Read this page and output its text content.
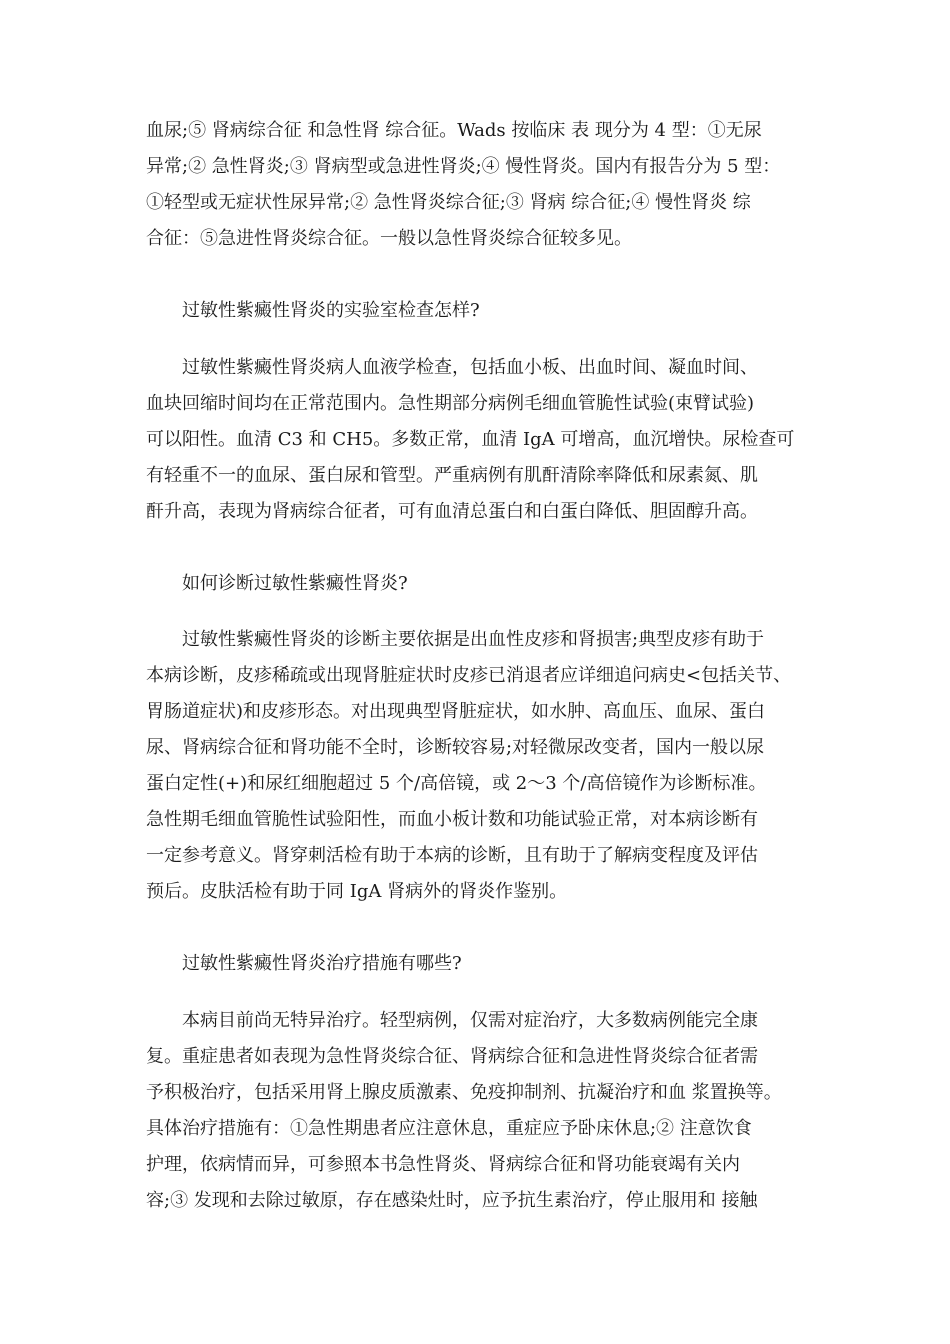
血尿;⑤ 肾病综合征 和急性肾 综合征。Wads 按临床 表 现分为 4 型：①无尿
异常;② 急性肾炎;③ 肾病型或急进性肾炎;④ 慢性肾炎。国内有报告分为 5 型：
①轻型或无症状性尿异常;② 急性肾炎综合征;③ 肾病 综合征;④ 慢性肾炎 综
合征：⑤急进性肾炎综合征。一般以急性肾炎综合征较多见。
过敏性紫癜性肾炎的实验室检查怎样?
过敏性紫癜性肾炎病人血液学检查，包括血小板、出血时间、凝血时间、
血块回缩时间均在正常范围内。急性期部分病例毛细血管脆性试验(束臂试验)
可以阳性。血清 C3 和 CH5。多数正常，血清 IgA 可增高，血沉增快。尿检查可
有轻重不一的血尿、蛋白尿和管型。严重病例有肌酐清除率降低和尿素氮、肌
酐升高，表现为肾病综合征者，可有血清总蛋白和白蛋白降低、胆固醇升高。
如何诊断过敏性紫癜性肾炎?
过敏性紫癜性肾炎的诊断主要依据是出血性皮疹和肾损害;典型皮疹有助于
本病诊断，皮疹稀疏或出现肾脏症状时皮疹已消退者应详细追问病史<包括关节、
胃肠道症状)和皮疹形态。对出现典型肾脏症状，如水肿、高血压、血尿、蛋白
尿、肾病综合征和肾功能不全时，诊断较容易;对轻微尿改变者，国内一般以尿
蛋白定性(+)和尿红细胞超过 5 个/高倍镜，或 2～3 个/高倍镜作为诊断标准。
急性期毛细血管脆性试验阳性，而血小板计数和功能试验正常，对本病诊断有
一定参考意义。肾穿刺活检有助于本病的诊断，且有助于了解病变程度及评估
预后。皮肤活检有助于同 IgA 肾病外的肾炎作鉴别。
过敏性紫癜性肾炎治疗措施有哪些?
本病目前尚无特异治疗。轻型病例，仅需对症治疗，大多数病例能完全康
复。重症患者如表现为急性肾炎综合征、肾病综合征和急进性肾炎综合征者需
予积极治疗，包括采用肾上腺皮质激素、免疫抑制剂、抗凝治疗和血 浆置换等。
具体治疗措施有：①急性期患者应注意休息，重症应予卧床休息;② 注意饮食
护理，依病情而异，可参照本书急性肾炎、肾病综合征和肾功能衰竭有关内
容;③ 发现和去除过敏原，存在感染灶时，应予抗生素治疗，停止服用和 接触
